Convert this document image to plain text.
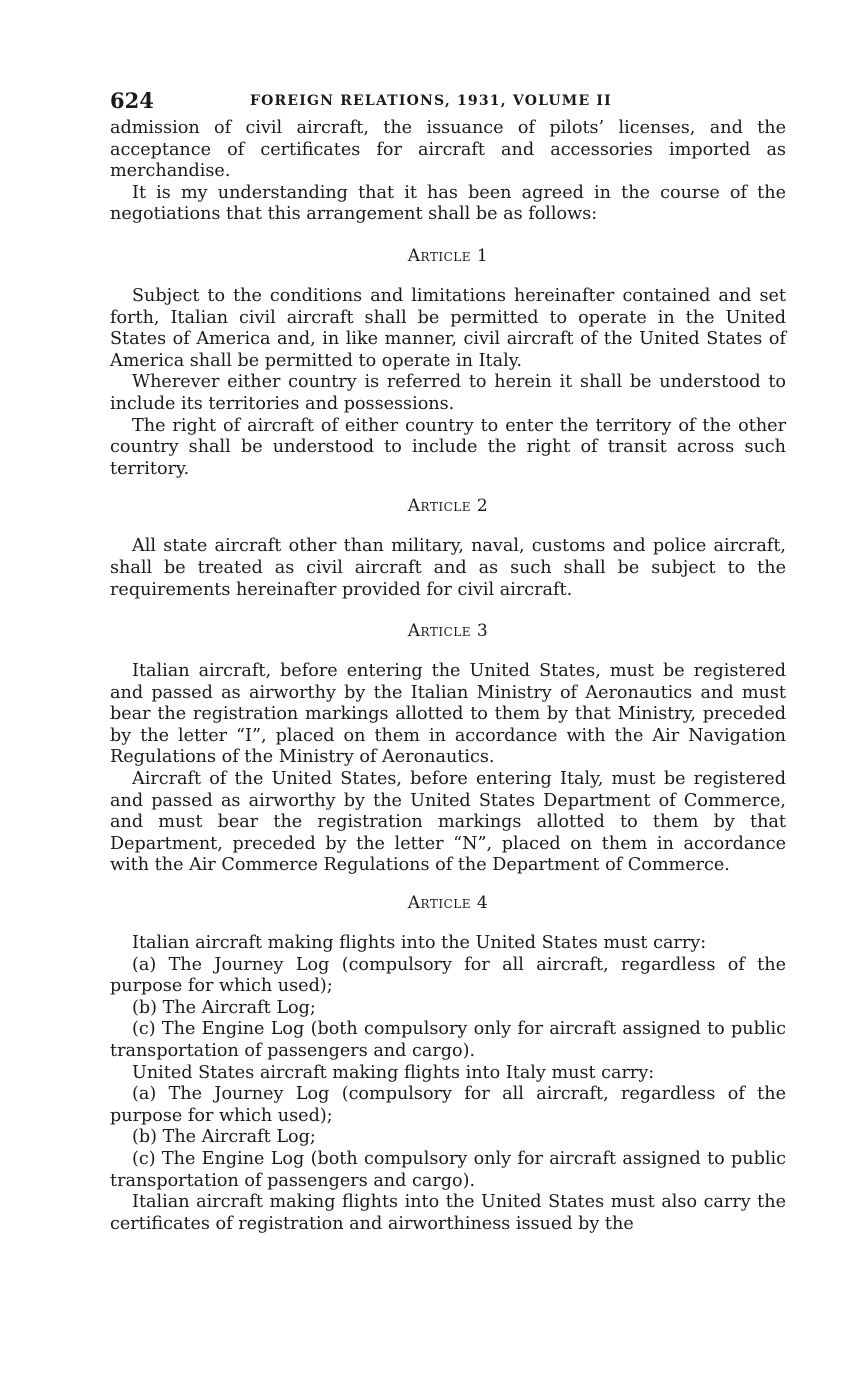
624	FOREIGN RELATIONS, 1931, VOLUME II

admission of civil aircraft, the issuance of pilots’ licenses, and the acceptance of certificates for aircraft and accessories imported as merchandise.

It is my understanding that it has been agreed in the course of the negotiations that this arrangement shall be as follows:

Article 1

Subject to the conditions and limitations hereinafter contained and set forth, Italian civil aircraft shall be permitted to operate in the United States of America and, in like manner, civil aircraft of the United States of America shall be permitted to operate in Italy.

Wherever either country is referred to herein it shall be understood to include its territories and possessions.

The right of aircraft of either country to enter the territory of the other country shall be understood to include the right of transit across such territory.

Article 2

All state aircraft other than military, naval, customs and police aircraft, shall be treated as civil aircraft and as such shall be subject to the requirements hereinafter provided for civil aircraft.

Article 3

Italian aircraft, before entering the United States, must be registered and passed as airworthy by the Italian Ministry of Aeronautics and must bear the registration markings allotted to them by that Ministry, preceded by the letter “I”, placed on them in accordance with the Air Navigation Regulations of the Ministry of Aeronautics.

Aircraft of the United States, before entering Italy, must be registered and passed as airworthy by the United States Department of Commerce, and must bear the registration markings allotted to them by that Department, preceded by the letter “N”, placed on them in accordance with the Air Commerce Regulations of the Department of Commerce.

Article 4

Italian aircraft making flights into the United States must carry:

(a) The Journey Log (compulsory for all aircraft, regardless of the purpose for which used);

(b) The Aircraft Log;

(c) The Engine Log (both compulsory only for aircraft assigned to public transportation of passengers and cargo).

United States aircraft making flights into Italy must carry:

(a) The Journey Log (compulsory for all aircraft, regardless of the purpose for which used);

(b) The Aircraft Log;

(c) The Engine Log (both compulsory only for aircraft assigned to public transportation of passengers and cargo).

Italian aircraft making flights into the United States must also carry the certificates of registration and airworthiness issued by the
